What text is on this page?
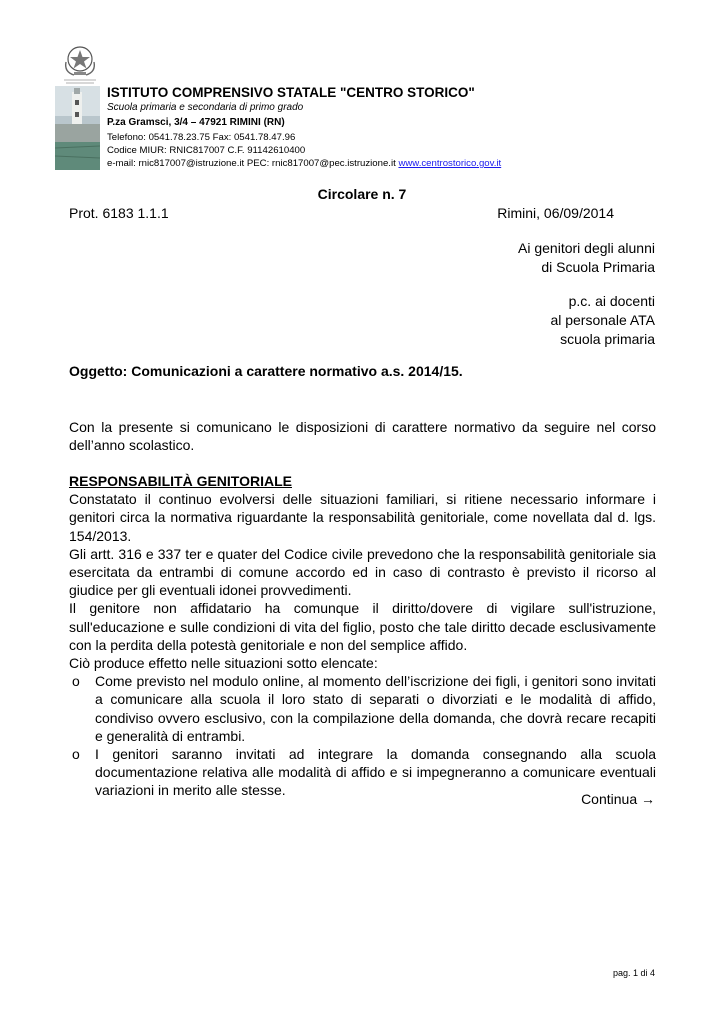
ISTITUTO COMPRENSIVO STATALE "CENTRO STORICO"
Scuola primaria e secondaria di primo grado
P.za Gramsci, 3/4 – 47921 RIMINI (RN)
Telefono: 0541.78.23.75 Fax: 0541.78.47.96
Codice MIUR: RNIC817007 C.F. 91142610400
e-mail: rnic817007@istruzione.it PEC: rnic817007@pec.istruzione.it www.centrostorico.gov.it
Circolare n. 7
Prot. 6183 1.1.1	Rimini, 06/09/2014
Ai genitori degli alunni
di Scuola Primaria
p.c. ai docenti
al personale ATA
scuola primaria
Oggetto: Comunicazioni a carattere normativo a.s. 2014/15.
Con la presente si comunicano le disposizioni di carattere normativo da seguire nel corso dell’anno scolastico.
RESPONSABILITÀ GENITORIALE
Constatato il continuo evolversi delle situazioni familiari, si ritiene necessario informare i genitori circa la normativa riguardante la responsabilità genitoriale, come novellata dal d. lgs. 154/2013.
Gli artt. 316 e 337 ter e quater del Codice civile prevedono che la responsabilità genitoriale sia esercitata da entrambi di comune accordo ed in caso di contrasto è previsto il ricorso al giudice per gli eventuali idonei provvedimenti.
Il genitore non affidatario ha comunque il diritto/dovere di vigilare sull'istruzione, sull'educazione e sulle condizioni di vita del figlio, posto che tale diritto decade esclusivamente con la perdita della potestà genitoriale e non del semplice affido.
Ciò produce effetto nelle situazioni sotto elencate:
o Come previsto nel modulo online, al momento dell’iscrizione dei figli, i genitori sono invitati a comunicare alla scuola il loro stato di separati o divorziati e le modalità di affido, condiviso ovvero esclusivo, con la compilazione della domanda, che dovrà recare recapiti e generalità di entrambi.
o I genitori saranno invitati ad integrare la domanda consegnando alla scuola documentazione relativa alle modalità di affido e si impegneranno a comunicare eventuali variazioni in merito alle stesse.
Continua →
pag. 1 di 4
